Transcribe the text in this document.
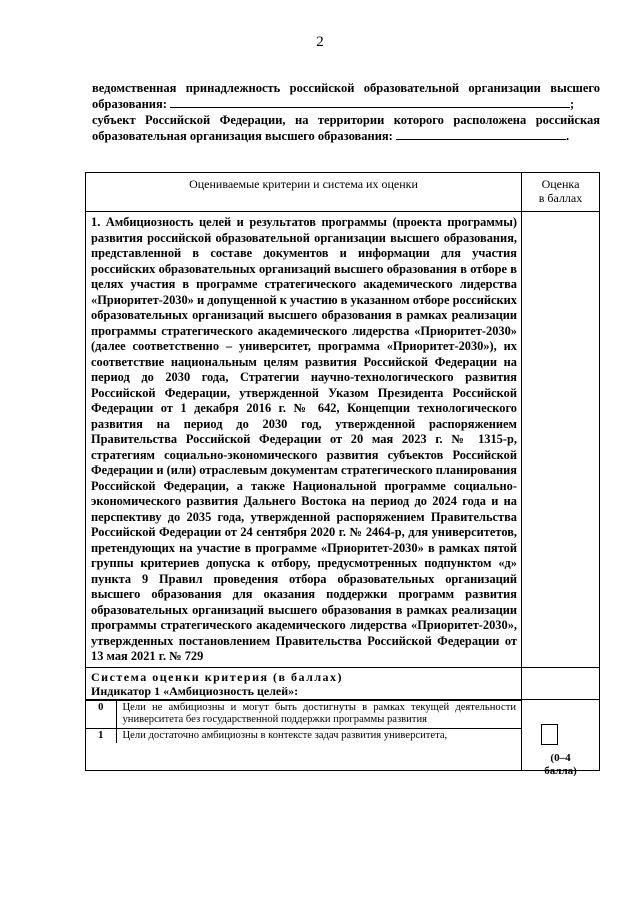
2
ведомственная принадлежность российской образовательной организации высшего
образования:	;
субъект Российской Федерации, на территории которого расположена российская
образовательная организация высшего образования:	.
Оцениваемые критерии и система их оценки	Оценка
в баллах

1. Амбициозность целей и результатов программы (проекта программы) развития российской образовательной организации высшего образования, представленной в составе документов и информации для участия российских образовательных организаций высшего образования в отборе в целях участия в программе стратегического академического лидерства «Приоритет-2030» и допущенной к участию в указанном отборе российских образовательных организаций высшего образования в рамках реализации программы стратегического академического лидерства «Приоритет-2030» (далее соответственно – университет, программа «Приоритет-2030»), их соответствие национальным целям развития Российской Федерации на период до 2030 года, Стратегии научно-технологического развития Российской Федерации, утвержденной Указом Президента Российской Федерации от 1 декабря 2016 г. № 642, Концепции технологического развития на период до 2030 год, утвержденной распоряжением Правительства Российской Федерации от 20 мая 2023 г. № 1315-р, стратегиям социально-экономического развития субъектов Российской Федерации и (или) отраслевым документам стратегического планирования Российской Федерации, а также Национальной программе социально-экономического развития Дальнего Востока на период до 2024 года и на перспективу до 2035 года, утвержденной распоряжением Правительства Российской Федерации от 24 сентября 2020 г. № 2464-р, для университетов, претендующих на участие в программе «Приоритет-2030» в рамках пятой группы критериев допуска к отбору, предусмотренных подпунктом «д» пункта 9 Правил проведения отбора образовательных организаций высшего образования для оказания поддержки программ развития образовательных организаций высшего образования в рамках реализации программы стратегического академического лидерства «Приоритет-2030», утвержденных постановлением Правительства Российской Федерации от 13 мая 2021 г. № 729	

Система оценки критерия (в баллах)
Индикатор 1 «Амбициозность целей»:

0	Цели не амбициозны и могут быть достигнуты в рамках текущей деятельности университета без государственной поддержки программы развития
1	Цели достаточно амбициозны в контексте задач развития университета,

(0–4
балла)
